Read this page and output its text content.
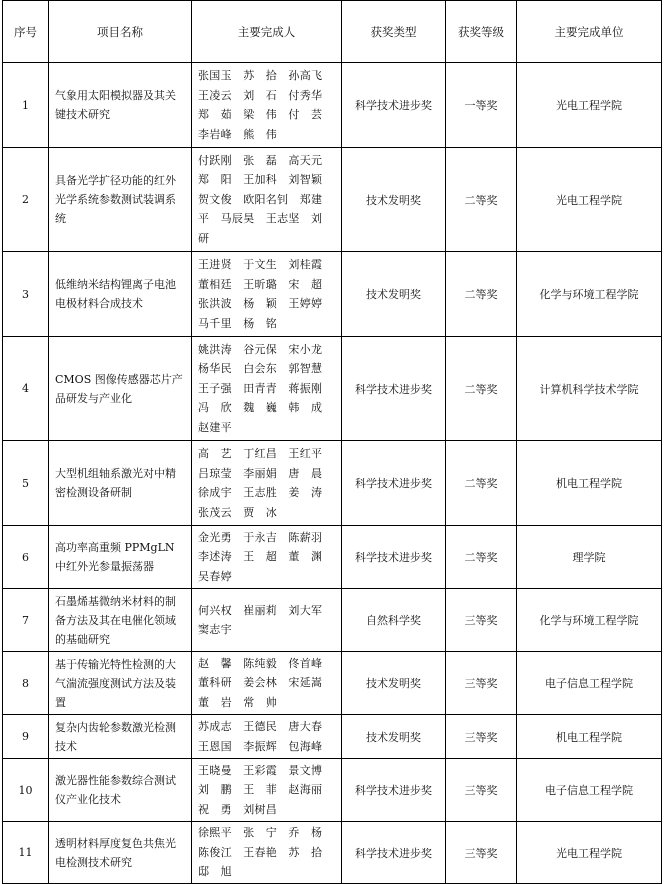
序号	项目名称	主要完成人	获奖类型	获奖等级	主要完成单位
1	气象用太阳模拟器及其关键技术研究	张国玉　苏　拾　孙高飞
王凌云　刘　石　付秀华
郑　茹　梁　伟　付　芸
李岩峰　熊　伟	科学技术进步奖	一等奖	光电工程学院
2	具备光学扩径功能的红外光学系统参数测试装调系统	付跃刚　张　磊　高天元
郑　阳　王加科　刘智颖
贺文俊　欧阳名钊　郑建
平　马辰昊　王志坚　刘
研	技术发明奖	二等奖	光电工程学院
3	低维纳米结构锂离子电池电极材料合成技术	王进贤　于文生　刘桂霞
董相廷　王昕璐　宋　超
张洪波　杨　颖　王婷婷
马千里　杨　铭	技术发明奖	二等奖	化学与环境工程学院
4	CMOS 图像传感器芯片产品研发与产业化	姚洪涛　谷元保　宋小龙
杨华民　白会东　郭智慧
王子强　田青青　蒋振刚
冯　欣　魏　巍　韩　成
赵建平	科学技术进步奖	二等奖	计算机科学技术学院
5	大型机组轴系激光对中精密检测设备研制	高　艺　丁红昌　王红平
吕琼莹　李丽娟　唐　晨
徐成宇　王志胜　姜　涛
张茂云　贾　冰	科学技术进步奖	二等奖	机电工程学院
6	高功率高重频 PPMgLN 中红外光参量振荡器	金光勇　于永吉　陈薪羽
李述涛　王　超　董　渊
吴春婷	科学技术进步奖	二等奖	理学院
7	石墨烯基微纳米材料的制备方法及其在电催化领域的基础研究	何兴权　崔丽莉　刘大军
窦志宇	自然科学奖	三等奖	化学与环境工程学院
8	基于传输光特性检测的大气湍流强度测试方法及装置	赵　馨　陈纯毅　佟首峰
董科研　姜会林　宋延嵩
董　岩　常　帅	技术发明奖	三等奖	电子信息工程学院
9	复杂内齿轮参数激光检测技术	苏成志　王德民　唐大春
王恩国　李振辉　包海峰	技术发明奖	三等奖	机电工程学院
10	激光器性能参数综合测试仪产业化技术	王晓曼　王彩霞　景文博
刘　鹏　王　菲　赵海丽
祝　勇　刘树昌	科学技术进步奖	三等奖	电子信息工程学院
11	透明材料厚度复色共焦光电检测技术研究	徐熙平　张　宁　乔　杨
陈俊江　王春艳　苏　拾
邸　旭	科学技术进步奖	三等奖	光电工程学院
